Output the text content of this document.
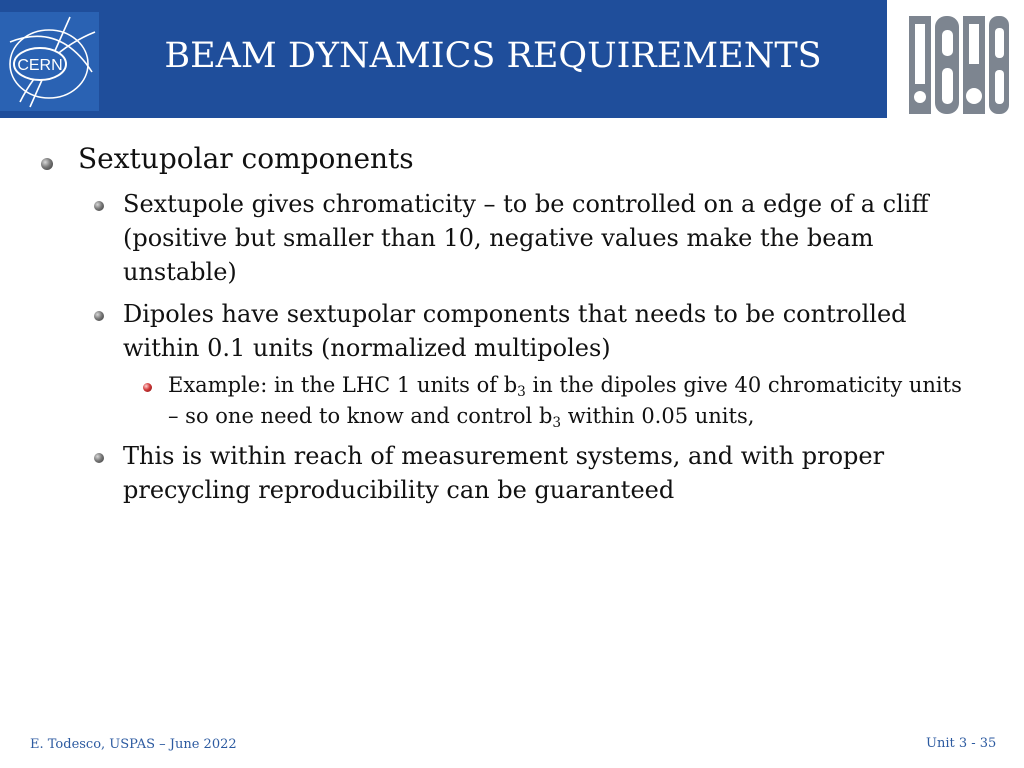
CERN	BEAM DYNAMICS REQUIREMENTS
Sextupolar components
Sextupole gives chromaticity – to be controlled on a edge of a cliff (positive but smaller than 10, negative values make the beam unstable)
Dipoles have sextupolar components that needs to be controlled within 0.1 units (normalized multipoles)
Example: in the LHC 1 units of $b_3$ in the dipoles give 40 chromaticity units – so one need to know and control $b_3$ within 0.05 units,
This is within reach of measurement systems, and with proper precycling reproducibility can be guaranteed
E. Todesco, USPAS – June 2022	Unit 3 - 35
